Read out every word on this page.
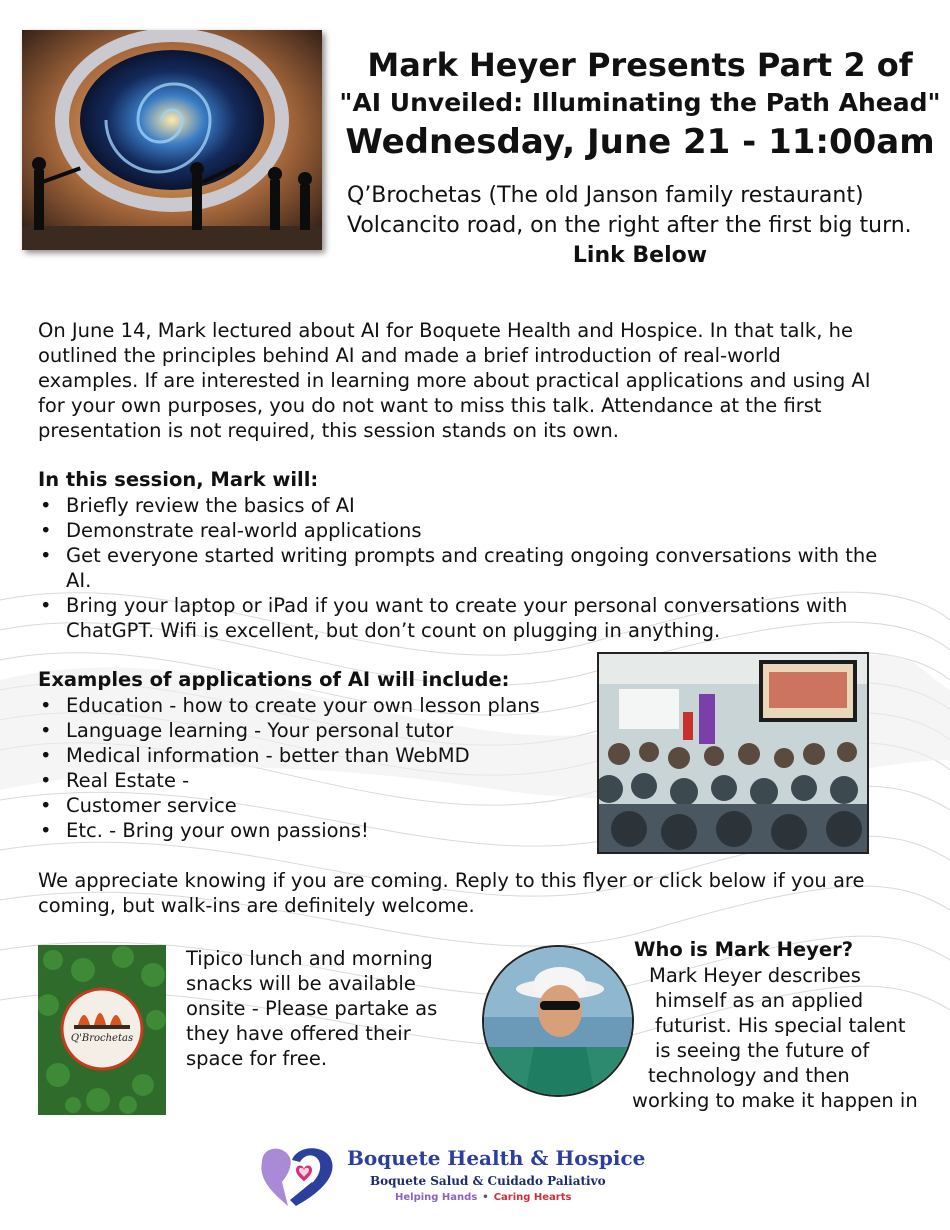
Mark Heyer Presents Part 2 of
"AI Unveiled: Illuminating the Path Ahead"
Wednesday, June 21 - 11:00am
Q’Brochetas (The old Janson family restaurant)
Volcancito road, on the right after the first big turn.
Link Below
On June 14, Mark lectured about AI for Boquete Health and Hospice. In that talk, he
outlined the principles behind AI and made a brief introduction of real-world
examples. If are interested in learning more about practical applications and using AI
for your own purposes, you do not want to miss this talk. Attendance at the first
presentation is not required, this session stands on its own.
In this session, Mark will:
• Briefly review the basics of AI
• Demonstrate real-world applications
• Get everyone started writing prompts and creating ongoing conversations with the AI.
• Bring your laptop or iPad if you want to create your personal conversations with ChatGPT. Wifi is excellent, but don’t count on plugging in anything.
Examples of applications of AI will include:
• Education - how to create your own lesson plans
• Language learning - Your personal tutor
• Medical information - better than WebMD
• Real Estate -
• Customer service
• Etc. - Bring your own passions!
We appreciate knowing if you are coming. Reply to this flyer or click below if you are
coming, but walk-ins are definitely welcome.
Q'Brochetas
Tipico lunch and morning snacks will be available onsite - Please partake as they have offered their space for free.
Who is Mark Heyer?
Mark Heyer describes
himself as an applied
futurist. His special talent
is seeing the future of
technology and then
working to make it happen in
Boquete Health & Hospice
Boquete Salud & Cuidado Paliativo
Helping Hands • Caring Hearts
